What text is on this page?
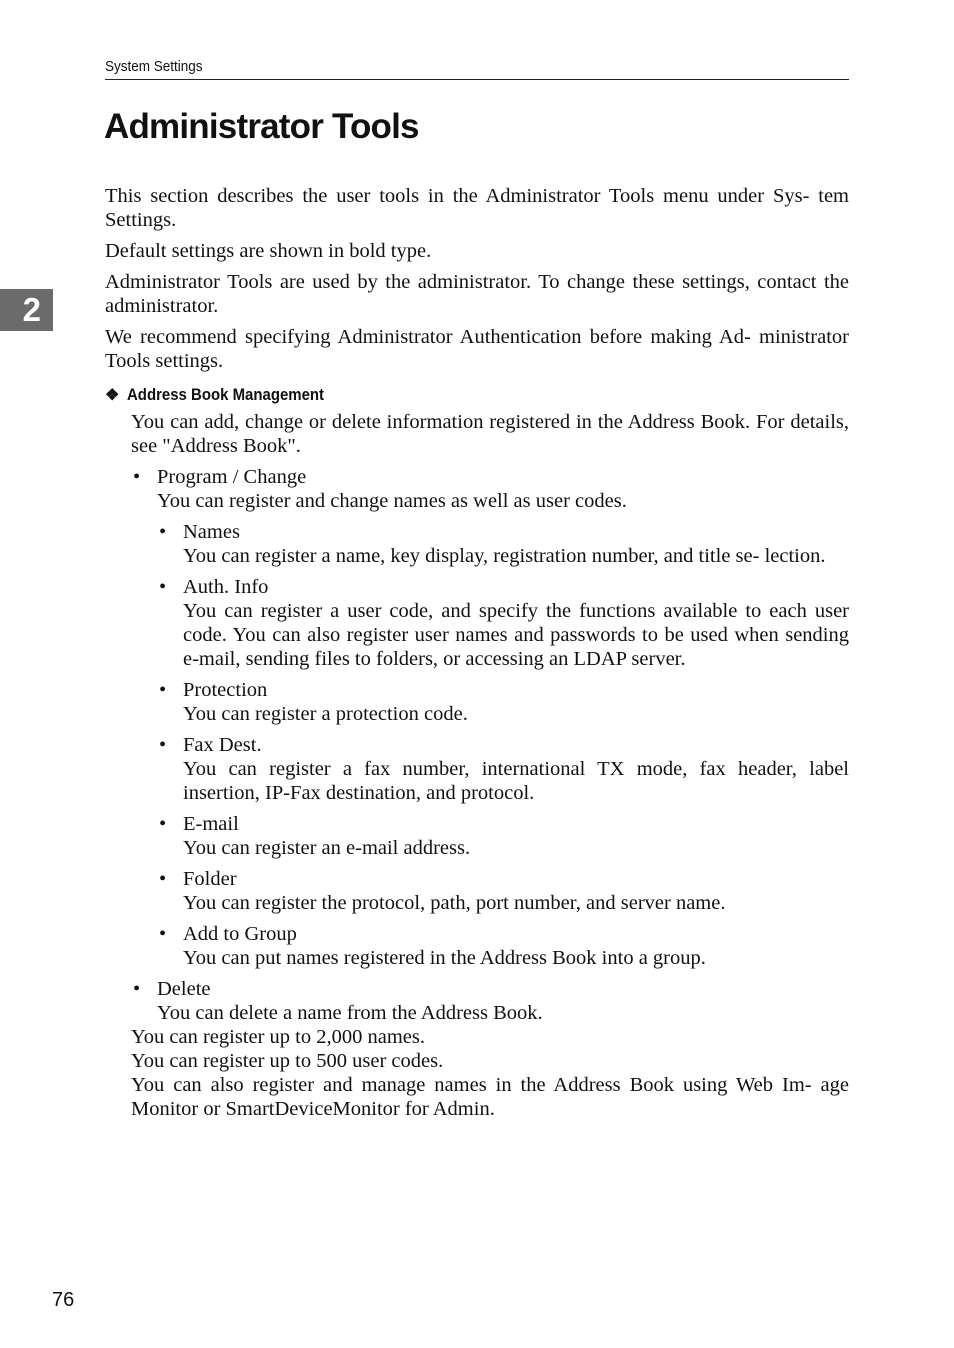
System Settings
2
Administrator Tools

This section describes the user tools in the Administrator Tools menu under Sys- tem Settings.

Default settings are shown in bold type.

Administrator Tools are used by the administrator. To change these settings, contact the administrator.

We recommend specifying Administrator Authentication before making Ad- ministrator Tools settings.

❖ Address Book Management

You can add, change or delete information registered in the Address Book. For details, see "Address Book".

• Program / Change
You can register and change names as well as user codes.
• Names
You can register a name, key display, registration number, and title se- lection.
• Auth. Info
You can register a user code, and specify the functions available to each user code. You can also register user names and passwords to be used when sending e-mail, sending files to folders, or accessing an LDAP server.
• Protection
You can register a protection code.
• Fax Dest.
You can register a fax number, international TX mode, fax header, label insertion, IP-Fax destination, and protocol.
• E-mail
You can register an e-mail address.
• Folder
You can register the protocol, path, port number, and server name.
• Add to Group
You can put names registered in the Address Book into a group.
• Delete
You can delete a name from the Address Book.

You can register up to 2,000 names.

You can register up to 500 user codes.

You can also register and manage names in the Address Book using Web Im- age Monitor or SmartDeviceMonitor for Admin.

76
